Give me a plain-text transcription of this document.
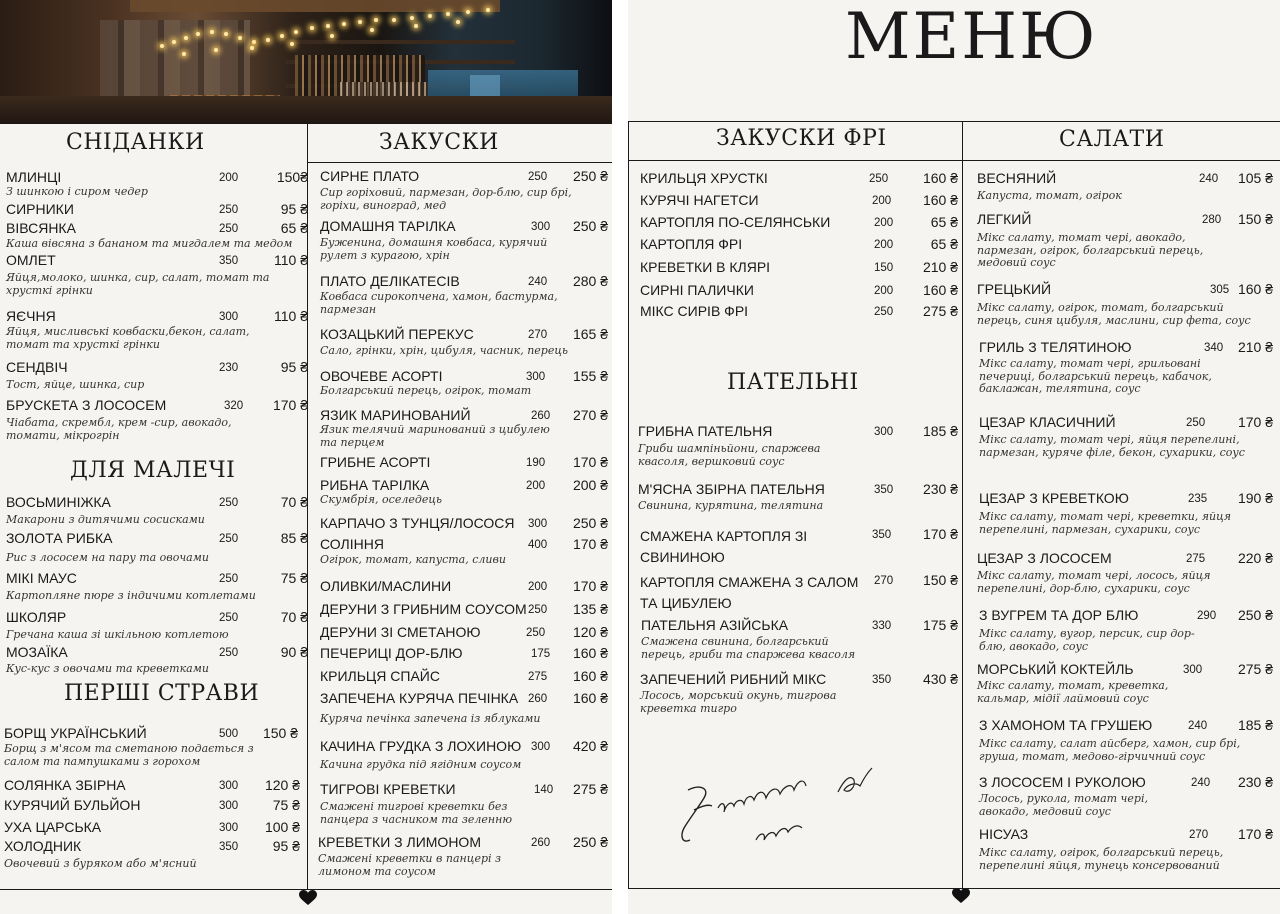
СНІДАНКИ	ЗАКУСКИ
ДЛЯ МАЛЕЧІ
ПЕРШІ СТРАВИ
МЛИНЦІ	200	150₴
З шинкою і сиром чедер
СИРНИКИ	250	95 ₴
ВІВСЯНКА	250	65 ₴
Каша вівсяна з бананом та мигдалем та медом
ОМЛЕТ	350	110 ₴
Яйця,молоко, шинка, сир, салат, томат та хрусткі грінки
ЯЄЧНЯ	300	110 ₴
Яйця, мисливські ковбаски,бекон, салат, томат та хрусткі грінки
СЕНДВІЧ	230	95 ₴
Тост, яйце, шинка, сир
БРУСКЕТА З ЛОСОСЕМ	320	170 ₴
Чіабата, скрембл, крем -сир, авокадо, томати, мікрогрін
ВОСЬМИНІЖКА	250	70 ₴
Макарони з дитячими сосисками
ЗОЛОТА РИБКА	250	85 ₴
Рис з лососем на пару та овочами
МІКІ МАУС	250	75 ₴
Картопляне пюре з індичими котлетами
ШКОЛЯР	250	70 ₴
Гречана каша зі шкільною котлетою
МОЗАЇКА	250	90 ₴
Кус-кус з овочами та креветками
БОРЩ УКРАЇНСЬКИЙ	500	150 ₴
Борщ з м'ясом та сметаною подається з салом та пампушками з горохом
СОЛЯНКА ЗБІРНА	300	120 ₴
КУРЯЧИЙ БУЛЬЙОН	300	75 ₴
УХА ЦАРСЬКА	300	100 ₴
ХОЛОДНИК	350	95 ₴
Овочевий з буряком або м'ясний
СИРНЕ ПЛАТО	250	250 ₴
Сир горіховий, пармезан, дор-блю, сир брі, горіхи, виноград, мед
ДОМАШНЯ ТАРІЛКА	300	250 ₴
Буженина, домашня ковбаса, курячий рулет з курагою, хрін
ПЛАТО ДЕЛІКАТЕСІВ	240	280 ₴
Ковбаса сирокопчена, хамон, бастурма, пармезан
КОЗАЦЬКИЙ ПЕРЕКУС	270	165 ₴
Сало, грінки, хрін, цибуля, часник, перець
ОВОЧЕВЕ АСОРТІ	300	155 ₴
Болгарський перець, огірок, томат
ЯЗИК МАРИНОВАНИЙ	260	270 ₴
Язик телячий маринований з цибулею та перцем
ГРИБНЕ АСОРТІ	190	170 ₴
РИБНА ТАРІЛКА	200	200 ₴
Скумбрія, оселедець
КАРПАЧО З ТУНЦЯ/ЛОСОСЯ 300	250 ₴
СОЛІННЯ	400	170 ₴
Огірок, томат, капуста, сливи
ОЛИВКИ/МАСЛИНИ	200	170 ₴
ДЕРУНИ З ГРИБНИМ СОУСОМ 250	135 ₴
ДЕРУНИ ЗІ СМЕТАНОЮ	250	120 ₴
ПЕЧЕРИЦІ ДОР-БЛЮ	175	160 ₴
КРИЛЬЦЯ СПАЙС	275	160 ₴
ЗАПЕЧЕНА КУРЯЧА ПЕЧІНКА 260	160 ₴
Куряча печінка запечена із яблуками
КАЧИНА ГРУДКА З ЛОХИНОЮ 300	420 ₴
Качина грудка під ягідним соусом
ТИГРОВІ КРЕВЕТКИ	140	275 ₴
Смажені тигрові креветки без панцера з часником та зеленню
КРЕВЕТКИ З ЛИМОНОМ	260	250 ₴
Смажені креветки в панцері з лимоном та соусом
МЕНЮ
ЗАКУСКИ ФРІ	САЛАТИ
ПАТЕЛЬНІ
КРИЛЬЦЯ ХРУСТКІ	250	160 ₴
КУРЯЧІ НАГЕТСИ	200	160 ₴
КАРТОПЛЯ ПО-СЕЛЯНСЬКИ	200	65 ₴
КАРТОПЛЯ ФРІ	200	65 ₴
КРЕВЕТКИ В КЛЯРІ	150	210 ₴
СИРНІ ПАЛИЧКИ	200	160 ₴
МІКС СИРІВ ФРІ	250	275 ₴
ГРИБНА ПАТЕЛЬНЯ	300	185 ₴
Гриби шампіньйони, спаржева квасоля, вершковий соус
М'ЯСНА ЗБІРНА ПАТЕЛЬНЯ	350	230 ₴
Свинина, курятина, телятина
СМАЖЕНА КАРТОПЛЯ ЗІ СВИНИНОЮ
350	170 ₴
КАРТОПЛЯ СМАЖЕНА З САЛОМ ТА ЦИБУЛЕЮ
270	150 ₴
ПАТЕЛЬНЯ АЗІЙСЬКА	330	175 ₴
Смажена свинина, болгарський перець, гриби та спаржева квасоля
ЗАПЕЧЕНИЙ РИБНИЙ МІКС	350	430 ₴
Лосось, морський окунь, тигрова креветка тигро
ВЕСНЯНИЙ	240	105 ₴
Капуста, томат, огірок
ЛЕГКИЙ	280	150 ₴
Мікс салату, томат чері, авокадо, пармезан, огірок, болгарський перець, медовий соус
ГРЕЦЬКИЙ	305 160 ₴
Мікс салату, огірок, томат, болгарський перець, синя цибуля, маслини, сир фета, соус
ГРИЛЬ З ТЕЛЯТИНОЮ	340	210 ₴
Мікс салату, томат чері, грильовані печериці, болгарський перець, кабачок, баклажан, телятина, соус
ЦЕЗАР КЛАСИЧНИЙ	250	170 ₴
Мікс салату, томат чері, яйця перепелині, пармезан, куряче філе, бекон, сухарики, соус
ЦЕЗАР З КРЕВЕТКОЮ	235	190 ₴
Мікс салату, томат чері, креветки, яйця перепелині, пармезан, сухарики, соус
ЦЕЗАР З ЛОСОСЕМ	275	220 ₴
Мікс салату, томат чері, лосось, яйця перепелині, дор-блю, сухарики, соус
З ВУГРЕМ ТА ДОР БЛЮ	290	250 ₴
Мікс салату, вугор, персик, сир дор-блю, авокадо, соус
МОРСЬКИЙ КОКТЕЙЛЬ	300	275 ₴
Мікс салату, томат, креветка, кальмар, мідії лаймовий соус
З ХАМОНОМ ТА ГРУШЕЮ	240	185 ₴
Мікс салату, салат айсберг, хамон, сир брі, груша, томат, медово-гірчичний соус
З ЛОСОСЕМ І РУКОЛОЮ	240	230 ₴
Лосось, рукола, томат чері, авокадо, медовий соус
НІСУАЗ	270	170 ₴
Мікс салату, огірок, болгарський перець, перепелині яйця, тунець консервований
